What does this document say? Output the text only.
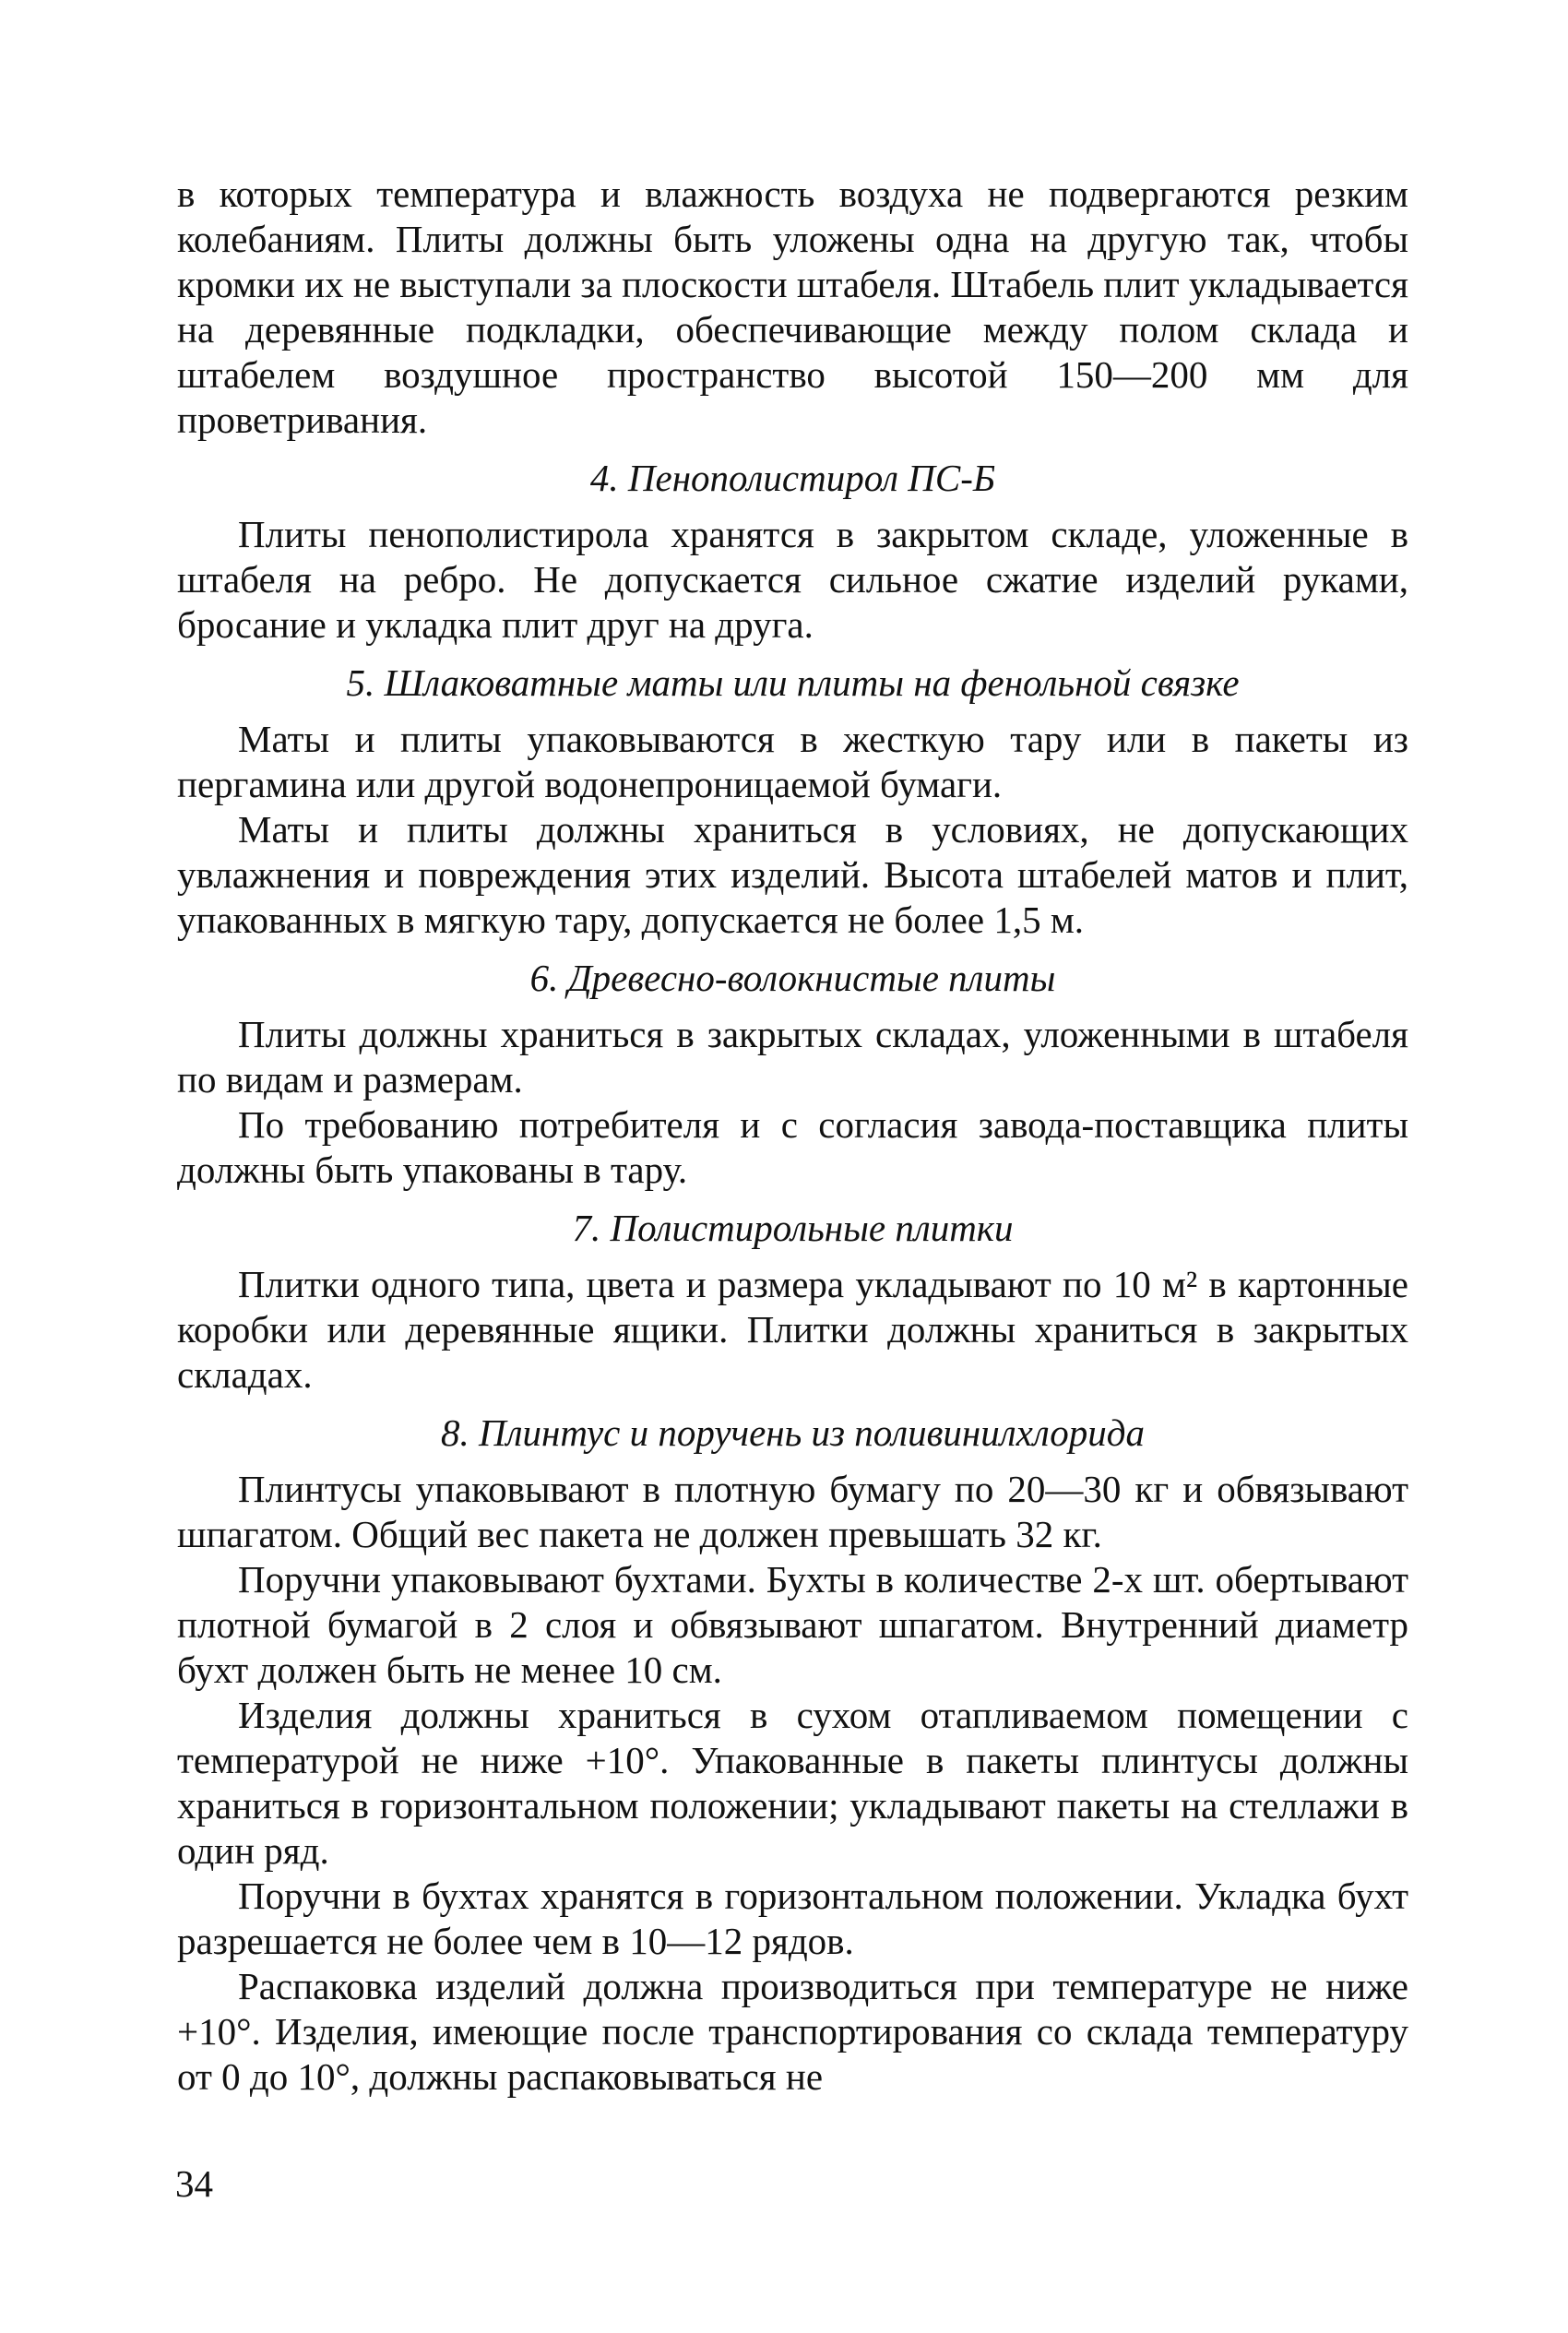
в которых температура и влажность воздуха не подвергаются резким колебаниям. Плиты должны быть уложены одна на другую так, чтобы кромки их не выступали за плоскости штабеля. Штабель плит укладывается на деревянные подкладки, обеспечивающие между полом склада и штабелем воздушное пространство высотой 150—200 мм для проветривания.

4. Пенополистирол ПС-Б

Плиты пенополистирола хранятся в закрытом складе, уложенные в штабеля на ребро. Не допускается сильное сжатие изделий руками, бросание и укладка плит друг на друга.

5. Шлаковатные маты или плиты на фенольной связке

Маты и плиты упаковываются в жесткую тару или в пакеты из пергамина или другой водонепроницаемой бумаги.

Маты и плиты должны храниться в условиях, не допускающих увлажнения и повреждения этих изделий. Высота штабелей матов и плит, упакованных в мягкую тару, допускается не более 1,5 м.

6. Древесно-волокнистые плиты

Плиты должны храниться в закрытых складах, уложенными в штабеля по видам и размерам.

По требованию потребителя и с согласия завода-поставщика плиты должны быть упакованы в тару.

7. Полистирольные плитки

Плитки одного типа, цвета и размера укладывают по 10 м² в картонные коробки или деревянные ящики. Плитки должны храниться в закрытых складах.

8. Плинтус и поручень из поливинилхлорида

Плинтусы упаковывают в плотную бумагу по 20—30 кг и обвязывают шпагатом. Общий вес пакета не должен превышать 32 кг.

Поручни упаковывают бухтами. Бухты в количестве 2-х шт. обертывают плотной бумагой в 2 слоя и обвязывают шпагатом. Внутренний диаметр бухт должен быть не менее 10 см.

Изделия должны храниться в сухом отапливаемом помещении с температурой не ниже +10°. Упакованные в пакеты плинтусы должны храниться в горизонтальном положении; укладывают пакеты на стеллажи в один ряд.

Поручни в бухтах хранятся в горизонтальном положении. Укладка бухт разрешается не более чем в 10—12 рядов.

Распаковка изделий должна производиться при температуре не ниже +10°. Изделия, имеющие после транспортирования со склада температуру от 0 до 10°, должны распаковываться не

34
